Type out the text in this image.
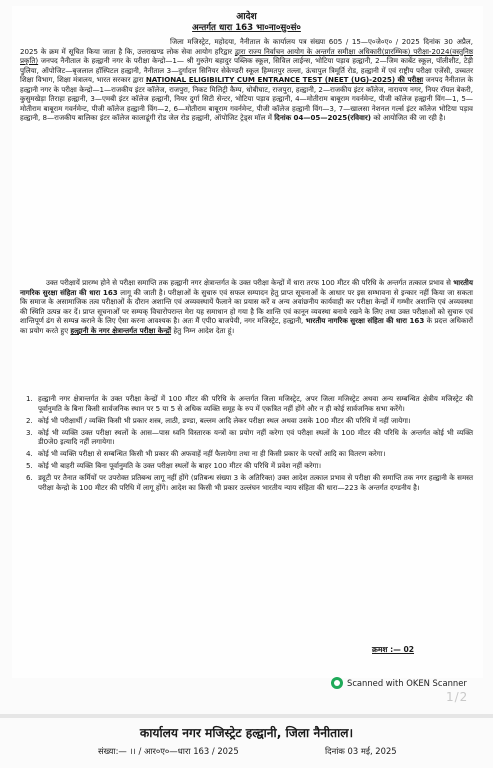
आदेश
अन्तर्गत धारा 163 भा०ना०सु०सं०
जिला मजिस्ट्रेट, महोदया, नैनीताल के कार्यालय पत्र संख्या 605 / 15—ए०जे०ए० / 2025 दिनांक 30 अप्रैल, 2025 के क्रम में सूचित किया जाता है कि, उत्तराखण्ड लोक सेवा आयोग हरिद्वार द्वारा राज्य निर्वाचन आयोग के अन्तर्गत समीक्षा अधिकारी(प्रारम्भिक) परीक्षा-2024(वस्तुनिष्ठ प्रकृति) जनपद नैनीताल के हल्द्वानी नगर के परीक्षा केन्द्रो—1— श्री गुरुतेग बहादुर पब्लिक स्कूल, सिविल लाईन्स, भोटिया पड़ाव हल्द्वानी, 2—जिम कार्बेट स्कूल, पॉलीशीट, टेड़ी पुलिया, ऑपोजिट—बृजलाल हॉस्पिटल हल्द्वानी, नैनीताल 3—दुर्गादत्त सिनियर सेकेण्डरी स्कूल हिम्मतपुर तल्ला, ऊंचापुल त्रिमूर्ति रोड, हल्द्वानी में एवं राष्ट्रीय परीक्षा एजेंसी, उच्चतर शिक्षा विभाग, शिक्षा मंत्रालय, भारत सरकार द्वारा NATIONAL ELIGIBILITY CUM ENTRANCE TEST (NEET (UG)-2025) की परीक्षा जनपद नैनीताल के हल्द्वानी नगर के परीक्षा केन्द्रो—1—राजकीय इंटर कॉलेज, राजपुरा, निकट मिलिट्री कैम्प, धोबीघाट, राजपुरा, हल्द्वानी, 2—राजकीय इंटर कॉलेज, नारायण नगर, नियर रॉयल बेकरी, कुसुमखेड़ा तिराहा हल्द्वानी, 3—एमबी इंटर कॉलेज हल्द्वानी, नियर दुर्गा सिटी सेन्टर, भोटिया पड़ाव हल्द्वानी, 4—मोतीराम बाबूराम गवर्नमेन्ट, पीजी कॉलेज हल्द्वानी विंग—1, 5—मोतीराम बाबूराम गवर्नमेन्ट, पीजी कॉलेज हल्द्वानी विंग—2, 6—मोतीराम बाबूराम गवर्नमेन्ट, पीजी कॉलेज हल्द्वानी विंग—3, 7—खालसा नेशनल गर्ल्स इंटर कॉलेज भोटिया पड़ाव हल्द्वानी, 8—राजकीय बालिका इंटर कॉलेज कालाढूंगी रोड जेल रोड हल्द्वानी, ऑपोजिट ट्रेड्स मॉल में दिनांक 04—05—2025(रविवार) को आयोजित की जा रही है।
उक्त परीक्षायें प्रारम्भ होने से परीक्षा समाप्ति तक हल्द्वानी नगर क्षेत्रान्तर्गत के उक्त परीक्षा केन्द्रों में धारा तरफ 100 मीटर की परिधि के अन्तर्गत तत्काल प्रभाव से भारतीय नागरिक सुरक्षा संहिता की धारा 163 लागू की जाती है। परीक्षाओं के सुचारु एवं सफल सम्पादन हेतु प्राप्त सूचनाओं के आधार पर इस सम्भावना से इन्कार नहीं किया जा सकता कि समाज के असामाजिक तत्व परीक्षाओं के दौरान अशान्ति एवं अव्यवस्थायें फैलाने का प्रयास करें व अन्य अवांछनीय कार्यवाही कर परीक्षा केन्द्रों में गम्भीर अशान्ति एवं अव्यवस्था की स्थिति उत्पन्न कर दें। प्राप्त सूचनाओं पर सम्यक् विचारोपरान्त मेरा यह समाधान हो गया है कि शान्ति एवं कानून व्यवस्था बनाये रखने के लिए तथा उक्त परीक्षाओं को सुचारु एवं शान्तिपूर्ण ढंग से सम्पन्न कराने के लिए ऐसा करना आवश्यक है। अतः मैं एपी0 बाजपेयी, नगर मजिस्ट्रेट, हल्द्वानी, भारतीय नागरिक सुरक्षा संहिता की धारा 163 के प्रदत्त अधिकारों का प्रयोग करते हुए हल्द्वानी के नगर क्षेत्रान्तर्गत परीक्षा केन्द्रों हेतु निम्न आदेश देता हूं।
1. हल्द्वानी नगर क्षेत्रान्तर्गत के उक्त परीक्षा केन्द्रों में 100 मीटर की परिधि के अन्तर्गत जिला मजिस्ट्रेट, अपर जिला मजिस्ट्रेट अथवा अन्य सम्बन्धित क्षेत्रीय मजिस्ट्रेट की पूर्वानुमति के बिना किसी सार्वजनिक स्थान पर 5 या 5 से अधिक व्यक्ति समूह के रुप में एकत्रित नहीं होंगे और न ही कोई सार्वजनिक सभा करेंगे।
2. कोई भी परीक्षार्थी / व्यक्ति किसी भी प्रकार शस्त्र, लाठी, डण्डा, बल्लम आदि लेकर परीक्षा स्थल अथवा उसके 100 मीटर की परिधि में नहीं जायेगा।
3. कोई भी व्यक्ति उक्त परीक्षा स्थलों के आस—पास ध्वनि विस्तारक यन्त्रों का प्रयोग नहीं करेगा एवं परीक्षा स्थलों के 100 मीटर की परिधि के अन्तर्गत कोई भी व्यक्ति डी0जे0 इत्यादि नहीं लगायेगा।
4. कोई भी व्यक्ति परीक्षा से सम्बन्धित किसी भी प्रकार की अफवाहें नहीं फैलायेगा तथा ना ही किसी प्रकार के परचों आदि का वितरण करेगा।
5. कोई भी बाहरी व्यक्ति बिना पूर्वानुमति के उक्त परीक्षा स्थलों के बाहर 100 मीटर की परिधि में प्रवेश नहीं करेगा।
6. ड्यूटी पर तैनात कर्मियों पर उपरोक्त प्रतिबन्ध लागू नहीं होंगे (प्रतिबन्ध संख्या 3 के अतिरिक्त) उक्त आदेश तत्काल प्रभाव से परीक्षा की समाप्ति तक नगर हल्द्वानी के समस्त परीक्षा केन्द्रो के 100 मीटर की परिधि में लागू होंगे। आदेश का किसी भी प्रकार उल्लंघन भारतीय न्याय संहिता की धारा—223 के अन्तर्गत दण्डनीय है।
क्रमश :— 02
Scanned with OKEN Scanner
1/2
कार्यालय नगर मजिस्ट्रेट हल्द्वानी, जिला नैनीताल।
संख्या:— ।। / आर०ए०—धारा 163 / 2025	दिनांक 03 मई, 2025
